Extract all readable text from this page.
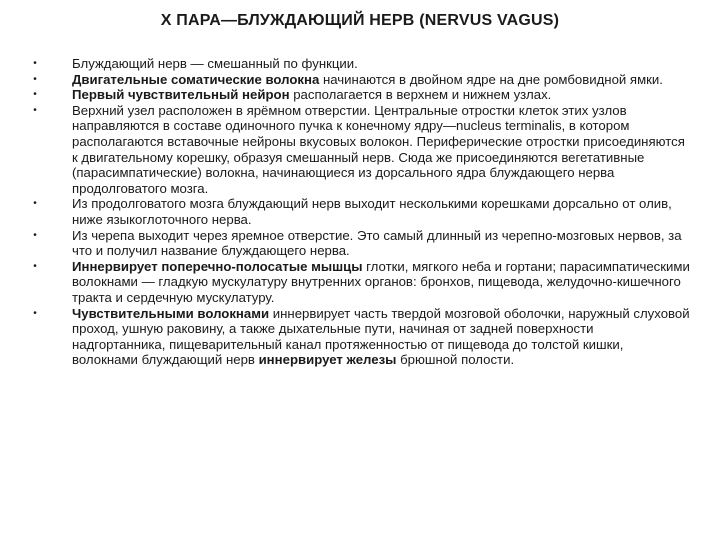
X ПАРА—БЛУЖДАЮЩИЙ НЕРВ (NERVUS VAGUS)
•	Блуждающий нерв — смешанный по функции.
•	Двигательные соматические волокна начинаются в двойном ядре на дне ромбовидной ямки.
•	Первый чувствительный нейрон располагается в верхнем и нижнем узлах.
•	Верхний узел расположен в ярёмном отверстии. Центральные отростки клеток этих узлов направляются в составе одиночного пучка к конечному ядру—nucleus terminalis, в котором располагаются вставочные нейроны вкусовых волокон. Периферические отростки присоединяются к двигательному корешку, образуя смешанный нерв. Сюда же присоединяются вегетативные (парасимпатические) волокна, начинающиеся из дорсального ядра блуждающего нерва продолговатого мозга.
•	Из продолговатого мозга блуждающий нерв выходит несколькими корешками дорсально от олив, ниже языкоглоточного нерва.
•	Из черепа выходит через яремное отверстие. Это самый длинный из черепно-мозговых нервов, за что и получил название блуждающего нерва.
•	Иннервирует поперечно-полосатые мышцы глотки, мягкого неба и гортани; парасимпатическими волокнами — гладкую мускулатуру внутренних органов: бронхов, пищевода, желудочно-кишечного тракта и сердечную мускулатуру.
•	Чувствительными волокнами иннервирует часть твердой мозговой оболочки, наружный слуховой проход, ушную раковину, а также дыхательные пути, начиная от задней поверхности надгортанника, пищеварительный канал протяженностью от пищевода до толстой кишки, волокнами блуждающий нерв иннервирует железы брюшной полости.
